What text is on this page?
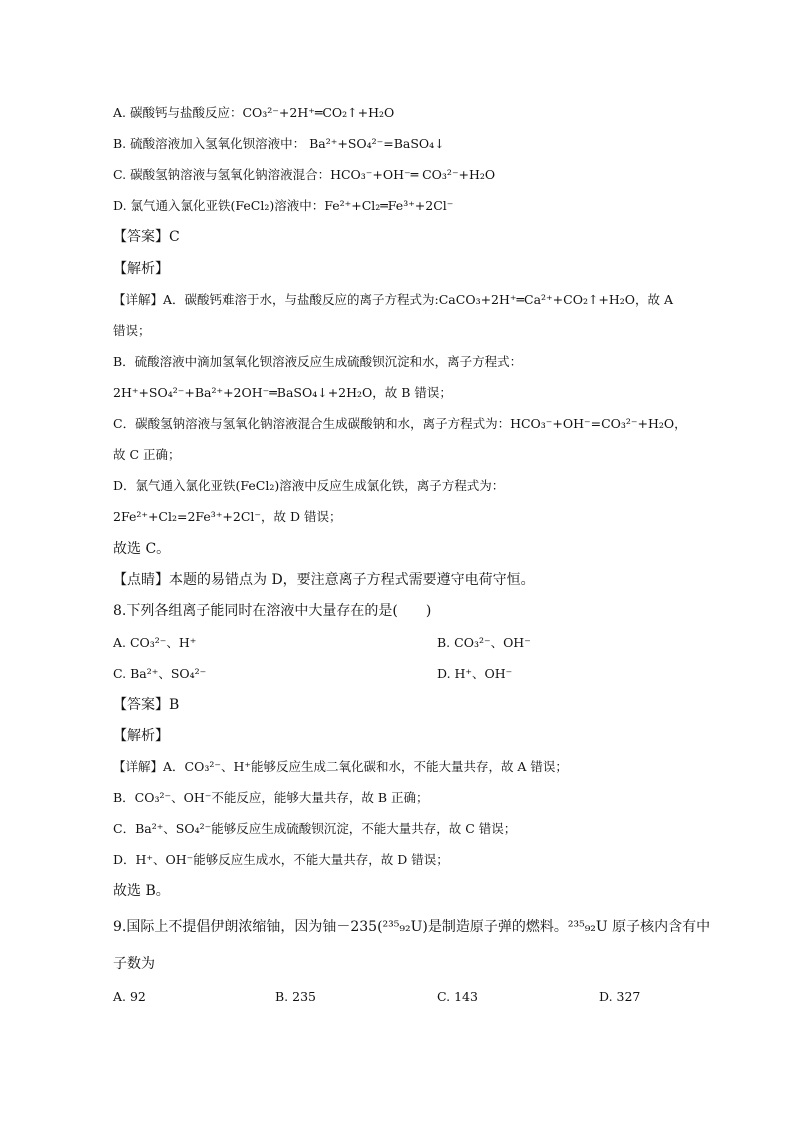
A. 碳酸钙与盐酸反应：CO₃²⁻+2H⁺═CO₂↑+H₂O
B. 硫酸溶液加入氢氧化钡溶液中： Ba²⁺+SO₄²⁻=BaSO₄↓
C. 碳酸氢钠溶液与氢氧化钠溶液混合：HCO₃⁻+OH⁻═ CO₃²⁻+H₂O
D. 氯气通入氯化亚铁(FeCl₂)溶液中：Fe²⁺+Cl₂═Fe³⁺+2Cl⁻
【答案】C
【解析】
【详解】A．碳酸钙难溶于水，与盐酸反应的离子方程式为:CaCO₃+2H⁺═Ca²⁺+CO₂↑+H₂O，故 A
错误；
B．硫酸溶液中滴加氢氧化钡溶液反应生成硫酸钡沉淀和水，离子方程式：
2H⁺+SO₄²⁻+Ba²⁺+2OH⁻═BaSO₄↓+2H₂O，故 B 错误；
C．碳酸氢钠溶液与氢氧化钠溶液混合生成碳酸钠和水，离子方程式为：HCO₃⁻+OH⁻=CO₃²⁻+H₂O，
故 C 正确；
D．氯气通入氯化亚铁(FeCl₂)溶液中反应生成氯化铁，离子方程式为：
2Fe²⁺+Cl₂=2Fe³⁺+2Cl⁻，故 D 错误；
故选 C。
【点睛】本题的易错点为 D，要注意离子方程式需要遵守电荷守恒。
8.下列各组离子能同时在溶液中大量存在的是(　　)
A. CO₃²⁻、H⁺	B. CO₃²⁻、OH⁻
C. Ba²⁺、SO₄²⁻	D. H⁺、OH⁻
【答案】B
【解析】
【详解】A．CO₃²⁻、H⁺能够反应生成二氧化碳和水，不能大量共存，故 A 错误；
B．CO₃²⁻、OH⁻不能反应，能够大量共存，故 B 正确；
C．Ba²⁺、SO₄²⁻能够反应生成硫酸钡沉淀，不能大量共存，故 C 错误；
D．H⁺、OH⁻能够反应生成水，不能大量共存，故 D 错误；
故选 B。
9.国际上不提倡伊朗浓缩铀，因为铀－235(²³⁵₉₂U)是制造原子弹的燃料。²³⁵₉₂U 原子核内含有中
子数为
A. 92	B. 235	C. 143	D. 327
